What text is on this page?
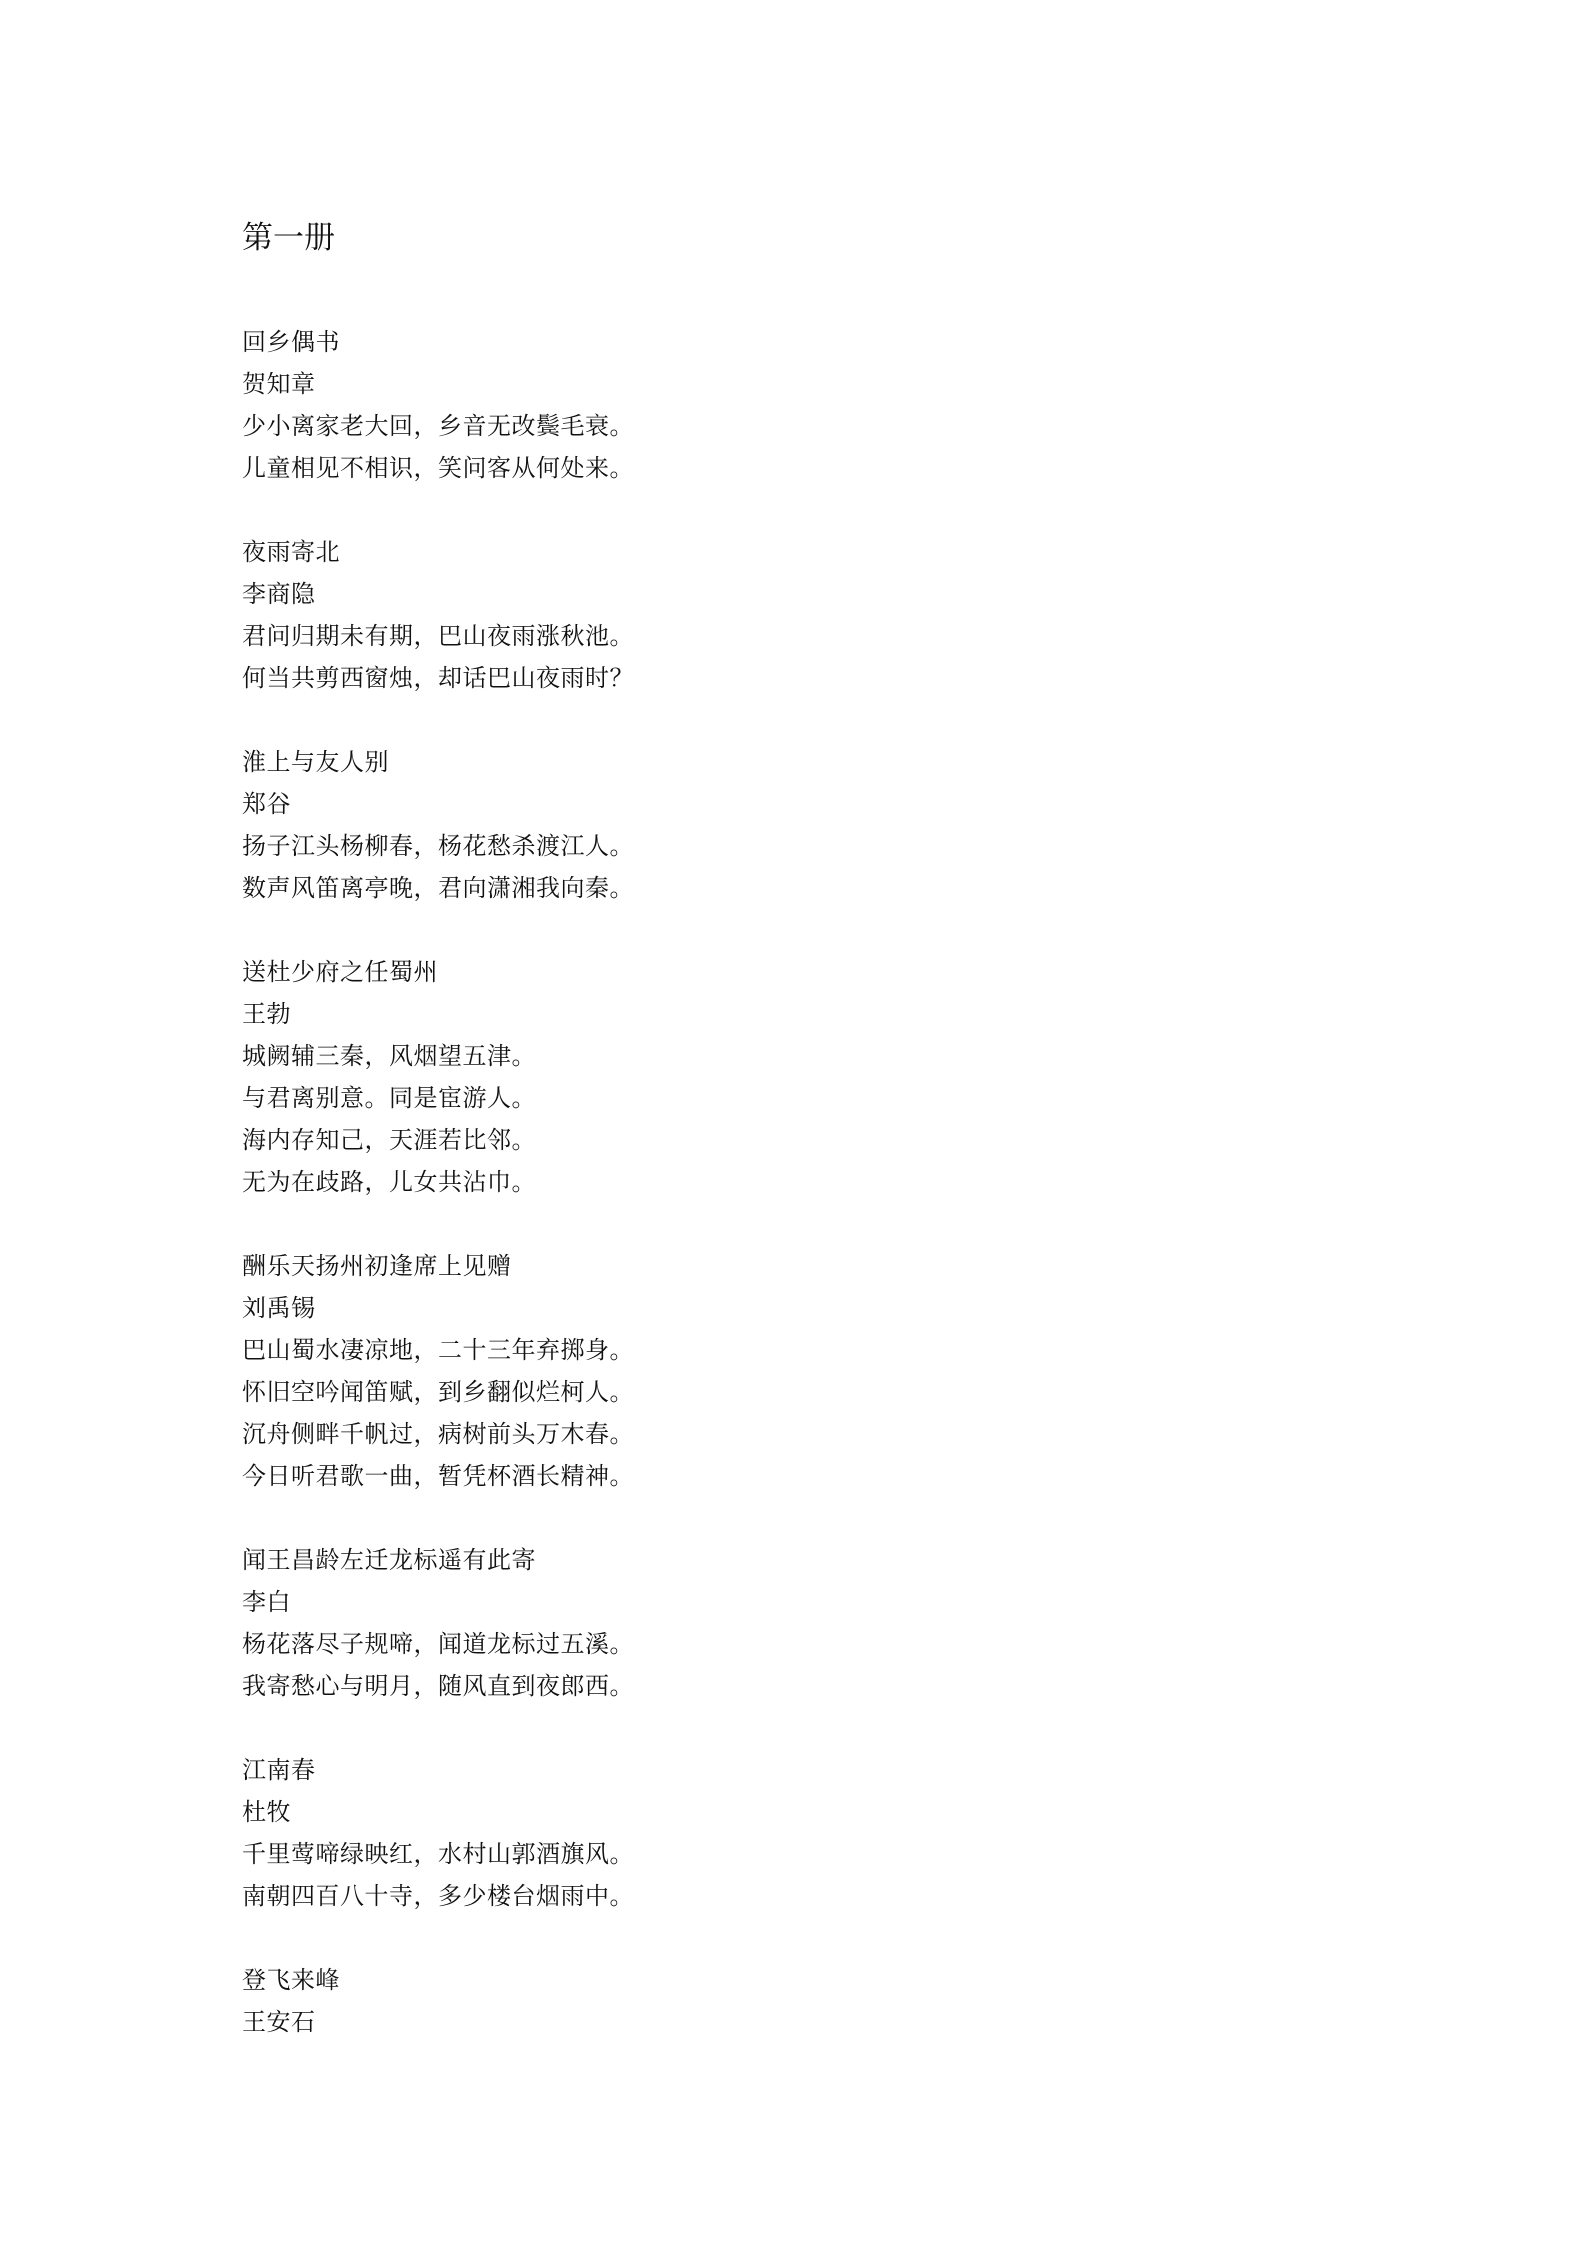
第一册
回乡偶书
贺知章
少小离家老大回，乡音无改鬓毛衰。
儿童相见不相识，笑问客从何处来。
夜雨寄北
李商隐
君问归期未有期，巴山夜雨涨秋池。
何当共剪西窗烛，却话巴山夜雨时？
淮上与友人别
郑谷
扬子江头杨柳春，杨花愁杀渡江人。
数声风笛离亭晚，君向潇湘我向秦。
送杜少府之任蜀州
王勃
城阙辅三秦，风烟望五津。
与君离别意。同是宦游人。
海内存知己，天涯若比邻。
无为在歧路，儿女共沾巾。
酬乐天扬州初逢席上见赠
刘禹锡
巴山蜀水凄凉地，二十三年弃掷身。
怀旧空吟闻笛赋，到乡翻似烂柯人。
沉舟侧畔千帆过，病树前头万木春。
今日听君歌一曲，暂凭杯酒长精神。
闻王昌龄左迁龙标遥有此寄
李白
杨花落尽子规啼，闻道龙标过五溪。
我寄愁心与明月，随风直到夜郎西。
江南春
杜牧
千里莺啼绿映红，水村山郭酒旗风。
南朝四百八十寺，多少楼台烟雨中。
登飞来峰
王安石
